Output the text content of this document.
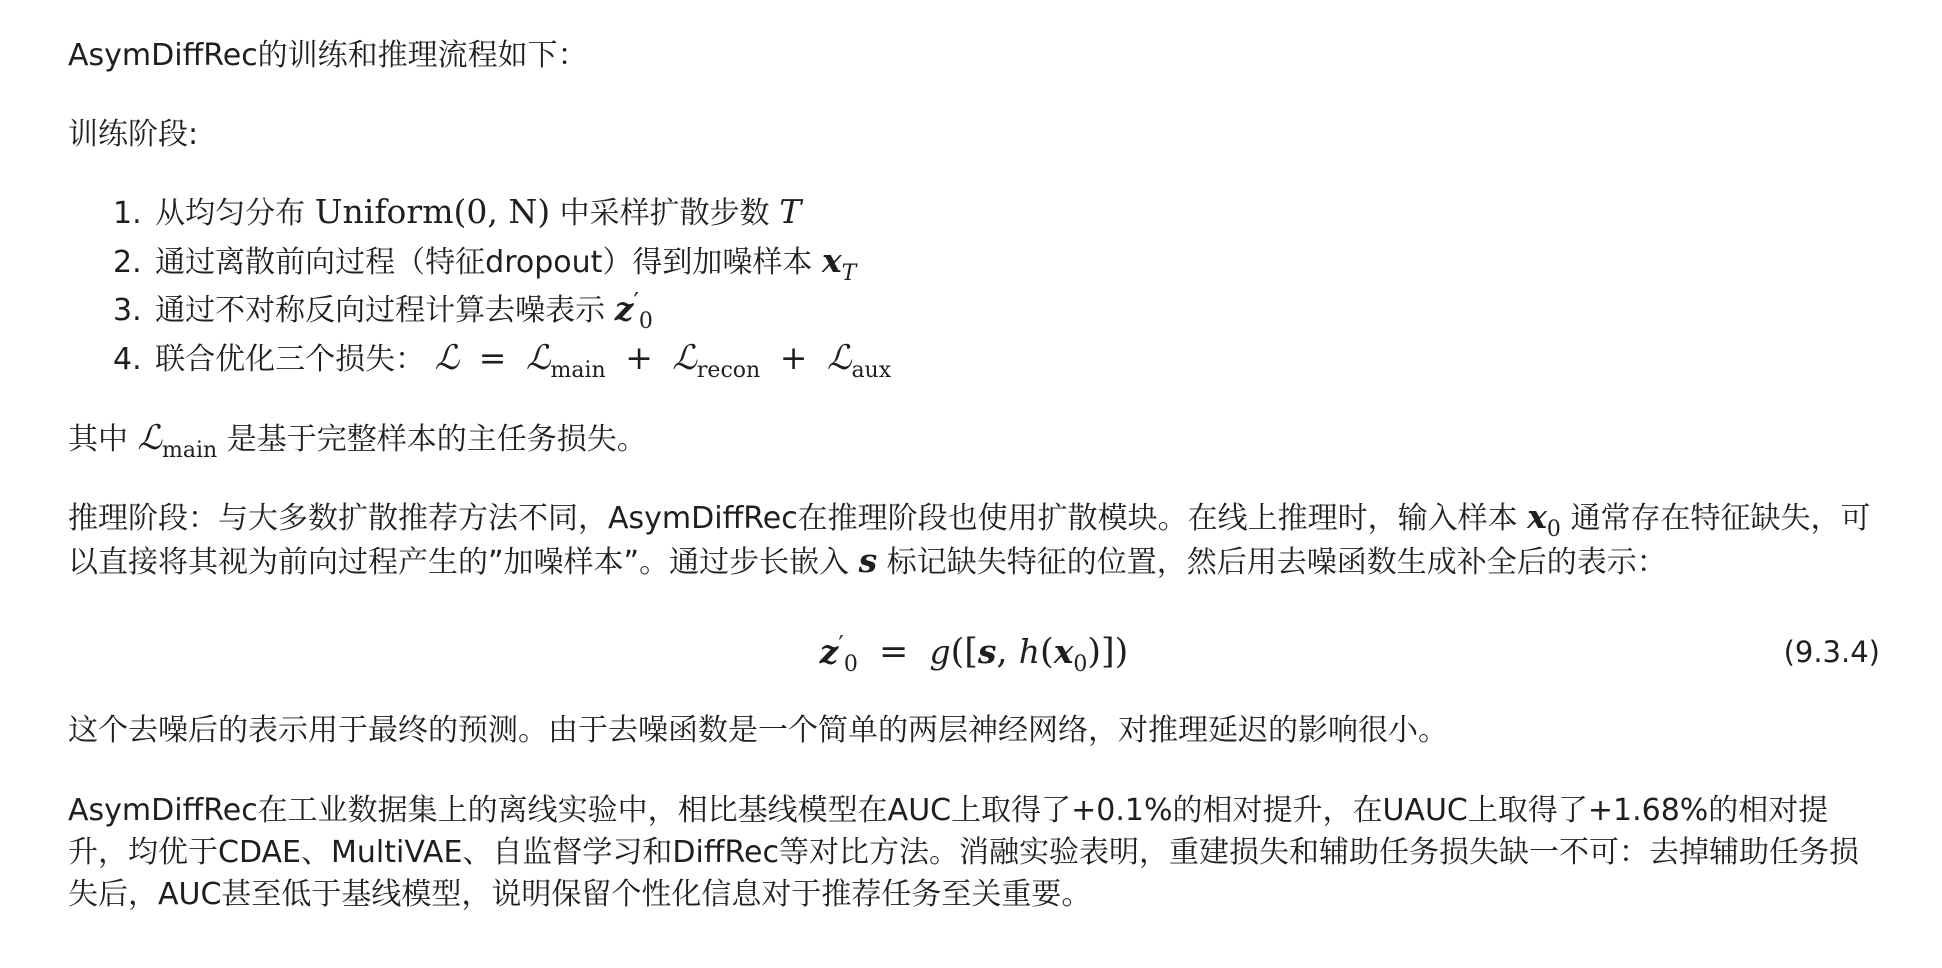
AsymDiffRec的训练和推理流程如下：
训练阶段:
1. 从均匀分布 Uniform(0, N) 中采样扩散步数 T
2. 通过离散前向过程（特征dropout）得到加噪样本 $x_T$
3. 通过不对称反向过程计算去噪表示 $z'_0$
4. 联合优化三个损失： ℒ = ℒ$_{main}$ + ℒ$_{recon}$ + ℒ$_{aux}$
其中 ℒ$_{main}$ 是基于完整样本的主任务损失。
推理阶段：与大多数扩散推荐方法不同，AsymDiffRec在推理阶段也使用扩散模块。在线上推理时，输入样本 $x_0$ 通常存在特征缺失，可以直接将其视为前向过程产生的”加噪样本”。通过步长嵌入 s 标记缺失特征的位置，然后用去噪函数生成补全后的表示：
$z'_0 = g([s$, $h(x_0)$])	(9.3.4)
这个去噪后的表示用于最终的预测。由于去噪函数是一个简单的两层神经网络，对推理延迟的影响很小。
AsymDiffRec在工业数据集上的离线实验中，相比基线模型在AUC上取得了+0.1%的相对提升，在UAUC上取得了+1.68%的相对提升，均优于CDAE、MultiVAE、自监督学习和DiffRec等对比方法。消融实验表明，重建损失和辅助任务损失缺一不可：去掉辅助任务损失后，AUC甚至低于基线模型，说明保留个性化信息对于推荐任务至关重要。
